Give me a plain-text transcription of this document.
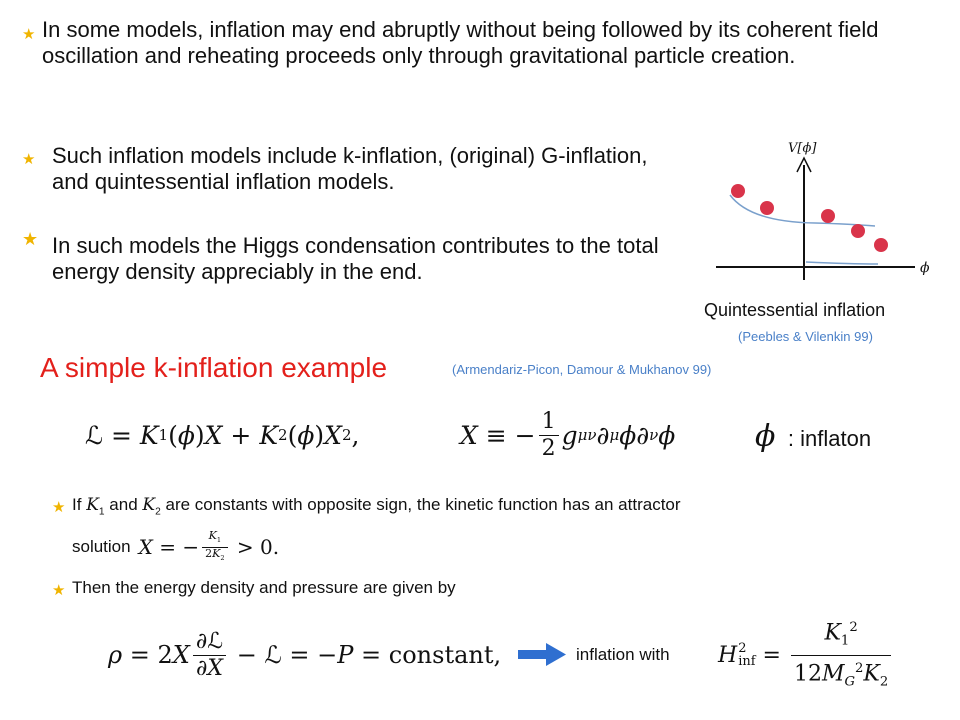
★ In some models, inflation may end abruptly without being followed by its coherent field oscillation and reheating proceeds only through gravitational particle creation.
★ Such inflation models include k-inflation, (original) G-inflation, and quintessential inflation models.
★ In such models the Higgs condensation contributes to the total energy density appreciably in the end.
V[ϕ]
ϕ
Quintessential inflation
(Peebles & Vilenkin 99)
A simple k-inflation example	(Armendariz-Picon, Damour & Mukhanov 99)
ℒ = K 1 ( ϕ ) X + K 2 ( ϕ ) X 2 ,	X ≡ − $\frac{1}{2}$ g μν ∂ μ ϕ∂ ν ϕ	ϕ : inflaton
★ If $K_1$ and $K_2$ are constants with opposite sign, the kinetic function has an attractor
solution X = − $\frac{K_1}{2K_2} > 0$.
★ Then the energy density and pressure are given by
ρ = 2 X $\frac{\text{∂ℒ}}{\partial X}$ − ℒ = − P = constant,	inflation with H 2
inf = $\frac{K_1^2}{12M_G^2K_2}$
